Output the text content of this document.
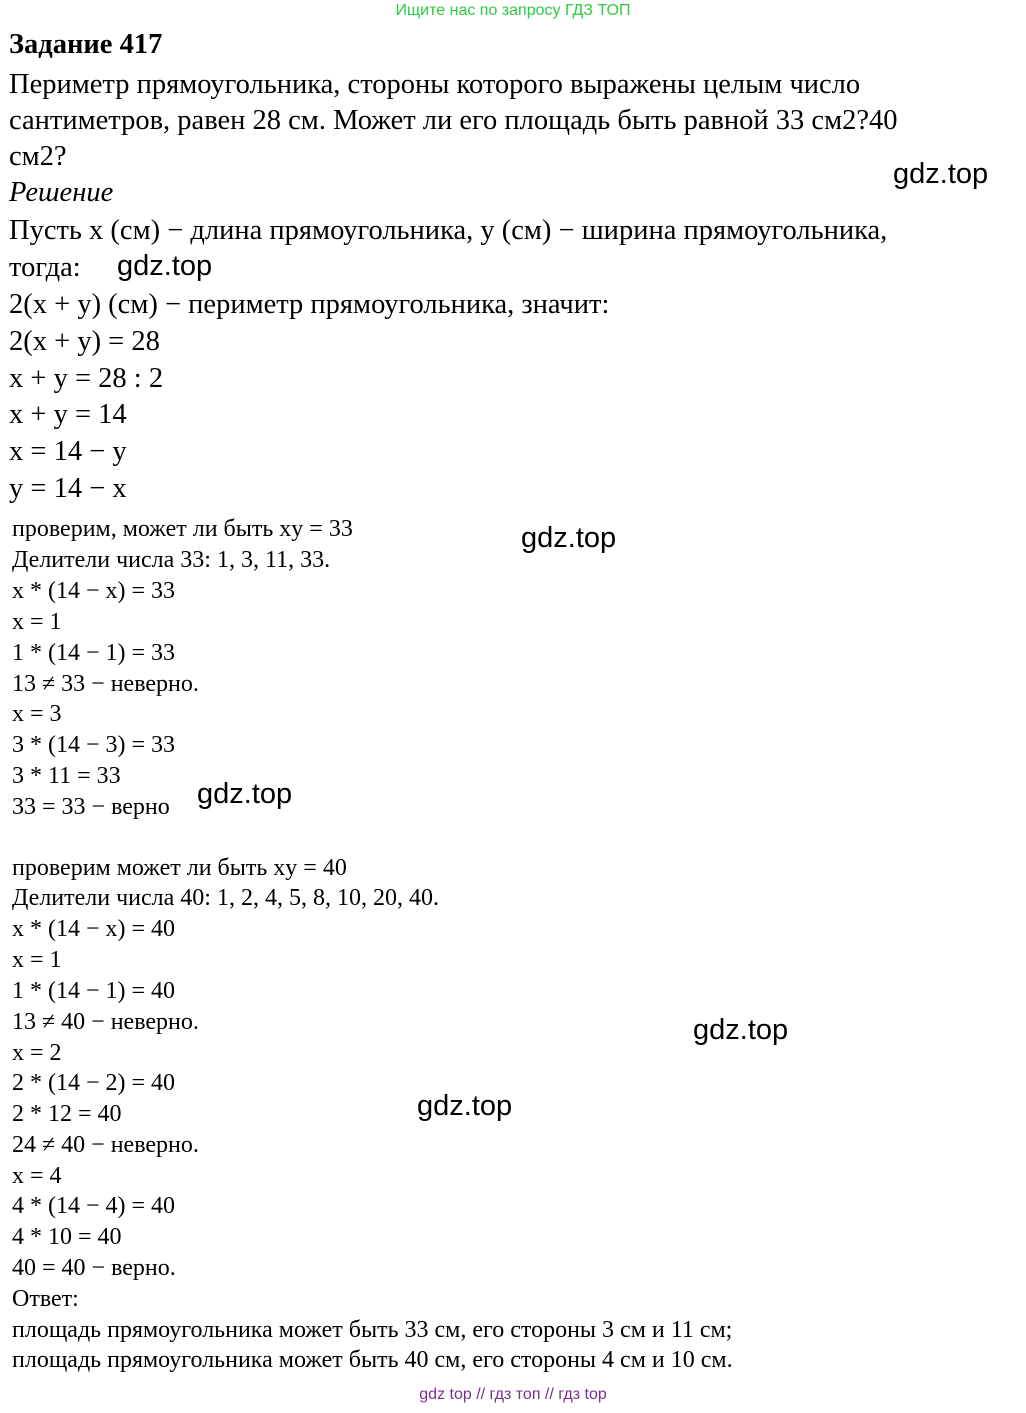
Ищите нас по запросу ГДЗ ТОП
Задание 417
Периметр прямоугольника, стороны которого выражены целым число
сантиметров, равен 28 см. Может ли его площадь быть равной 33 см2?40
см2?
Решение
Пусть x (см) − длина прямоугольника, y (см) − ширина прямоугольника,
тогда:
2(x + y) (см) − периметр прямоугольника, значит:
2(x + y) = 28
x + y = 28 : 2
x + y = 14
x = 14 − y
y = 14 − x
проверим, может ли быть xy = 33
Делители числа 33: 1, 3, 11, 33.
x * (14 − x) = 33
x = 1
1 * (14 − 1) = 33
13 ≠ 33 − неверно.
x = 3
3 * (14 − 3) = 33
3 * 11 = 33
33 = 33 − верно
проверим может ли быть xy = 40
Делители числа 40: 1, 2, 4, 5, 8, 10, 20, 40.
x * (14 − x) = 40
x = 1
1 * (14 − 1) = 40
13 ≠ 40 − неверно.
x = 2
2 * (14 − 2) = 40
2 * 12 = 40
24 ≠ 40 − неверно.
x = 4
4 * (14 − 4) = 40
4 * 10 = 40
40 = 40 − верно.
Ответ:
площадь прямоугольника может быть 33 см, его стороны 3 см и 11 см;
площадь прямоугольника может быть 40 см, его стороны 4 см и 10 см.
gdz.top
gdz.top
gdz.top
gdz.top
gdz.top
gdz.top
gdz top // гдз топ // гдз top
